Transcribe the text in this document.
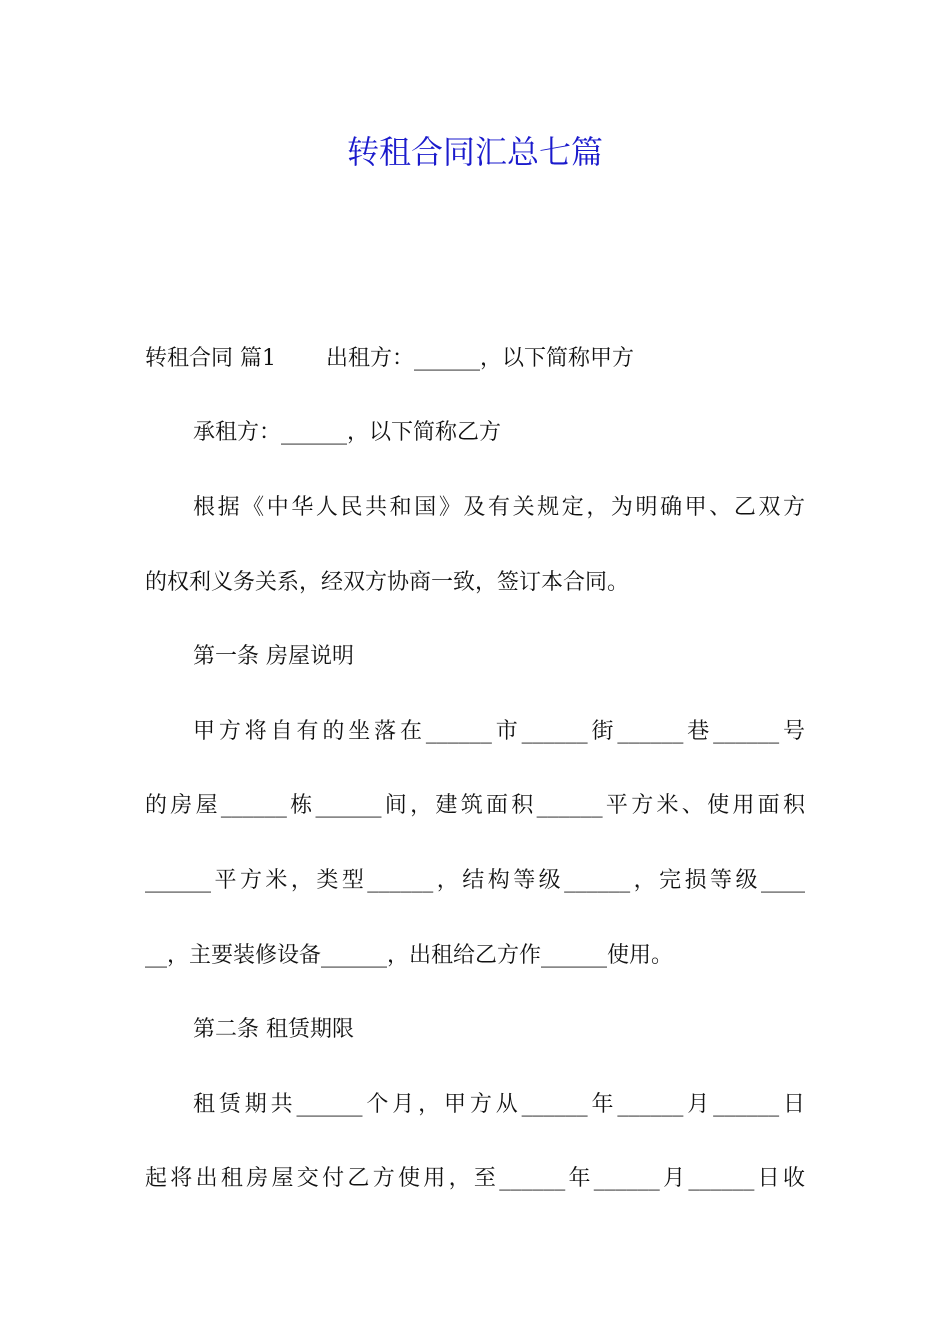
转租合同汇总七篇
转租合同 篇1 出租方：______，以下简称甲方
承租方：______，以下简称乙方
根据《中华人民共和国》及有关规定，为明确甲、乙双方
的权利义务关系，经双方协商一致，签订本合同。
第一条 房屋说明
甲方将自有的坐落在______市______街______巷______号
的房屋______栋______间，建筑面积______平方米、使用面积
______平方米，类型______，结构等级______，完损等级____
__，主要装修设备______，出租给乙方作______使用。
第二条 租赁期限
租赁期共______个月，甲方从______年______月______日
起将出租房屋交付乙方使用，至______年______月______日收
